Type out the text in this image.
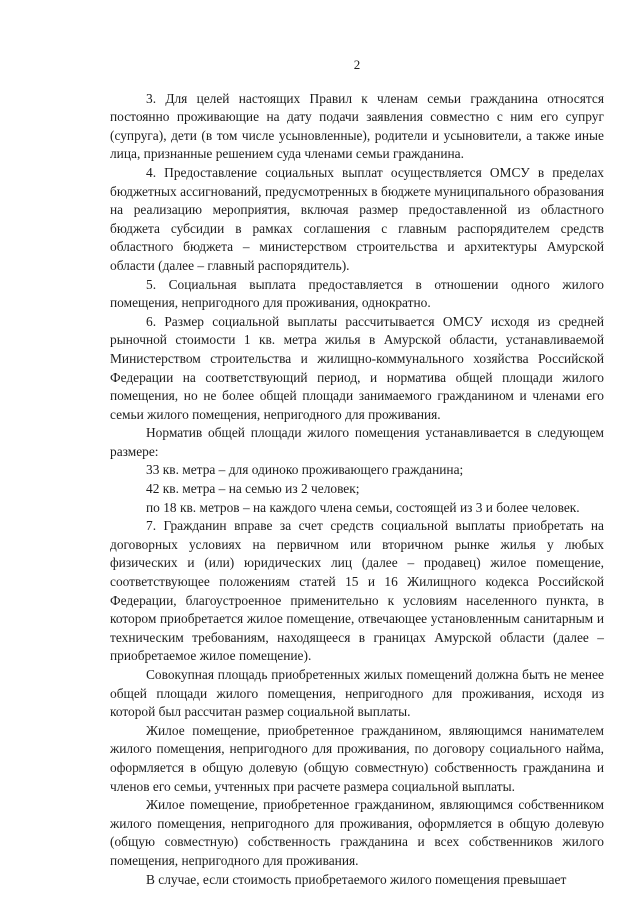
2

3. Для целей настоящих Правил к членам семьи гражданина относятся постоянно проживающие на дату подачи заявления совместно с ним его супруг (супруга), дети (в том числе усыновленные), родители и усыновители, а также иные лица, признанные решением суда членами семьи гражданина.

4. Предоставление социальных выплат осуществляется ОМСУ в пределах бюджетных ассигнований, предусмотренных в бюджете муниципального образования на реализацию мероприятия, включая размер предоставленной из областного бюджета субсидии в рамках соглашения с главным распорядителем средств областного бюджета – министерством строительства и архитектуры Амурской области (далее – главный распорядитель).

5. Социальная выплата предоставляется в отношении одного жилого помещения, непригодного для проживания, однократно.

6. Размер социальной выплаты рассчитывается ОМСУ исходя из средней рыночной стоимости 1 кв. метра жилья в Амурской области, устанавливаемой Министерством строительства и жилищно-коммунального хозяйства Российской Федерации на соответствующий период, и норматива общей площади жилого помещения, но не более общей площади занимаемого гражданином и членами его семьи жилого помещения, непригодного для проживания.

Норматив общей площади жилого помещения устанавливается в следующем размере:

33 кв. метра – для одиноко проживающего гражданина;

42 кв. метра – на семью из 2 человек;

по 18 кв. метров – на каждого члена семьи, состоящей из 3 и более человек.

7. Гражданин вправе за счет средств социальной выплаты приобретать на договорных условиях на первичном или вторичном рынке жилья у любых физических и (или) юридических лиц (далее – продавец) жилое помещение, соответствующее положениям статей 15 и 16 Жилищного кодекса Российской Федерации, благоустроенное применительно к условиям населенного пункта, в котором приобретается жилое помещение, отвечающее установленным санитарным и техническим требованиям, находящееся в границах Амурской области (далее – приобретаемое жилое помещение).

Совокупная площадь приобретенных жилых помещений должна быть не менее общей площади жилого помещения, непригодного для проживания, исходя из которой был рассчитан размер социальной выплаты.

Жилое помещение, приобретенное гражданином, являющимся нанимателем жилого помещения, непригодного для проживания, по договору социального найма, оформляется в общую долевую (общую совместную) собственность гражданина и членов его семьи, учтенных при расчете размера социальной выплаты.

Жилое помещение, приобретенное гражданином, являющимся собственником жилого помещения, непригодного для проживания, оформляется в общую долевую (общую совместную) собственность гражданина и всех собственников жилого помещения, непригодного для проживания.

В случае, если стоимость приобретаемого жилого помещения превышает
